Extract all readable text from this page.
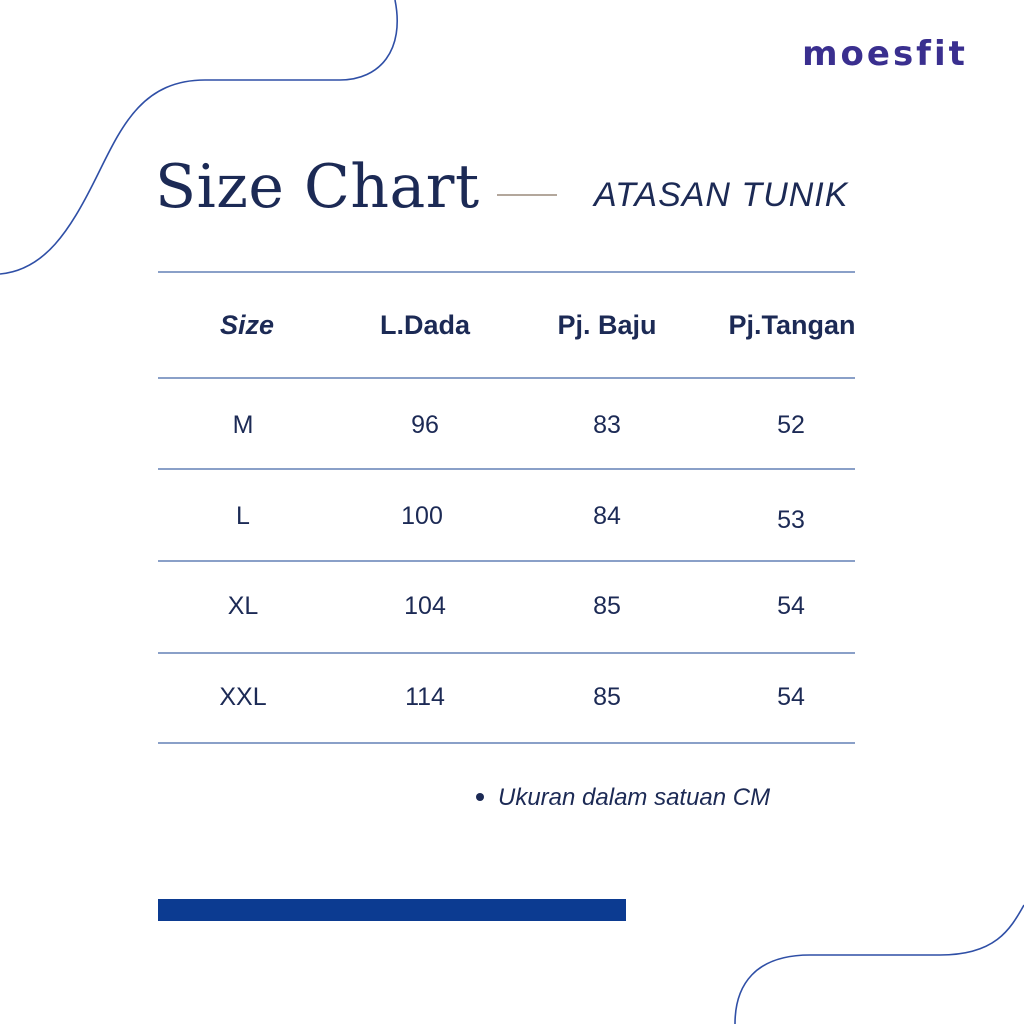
moesfit
Size Chart	ATASAN TUNIK
Size	L.Dada	Pj. Baju	Pj.Tangan
M	96	83	52
L	100	84	53
XL	104	85	54
XXL	114	85	54
Ukuran dalam satuan CM
